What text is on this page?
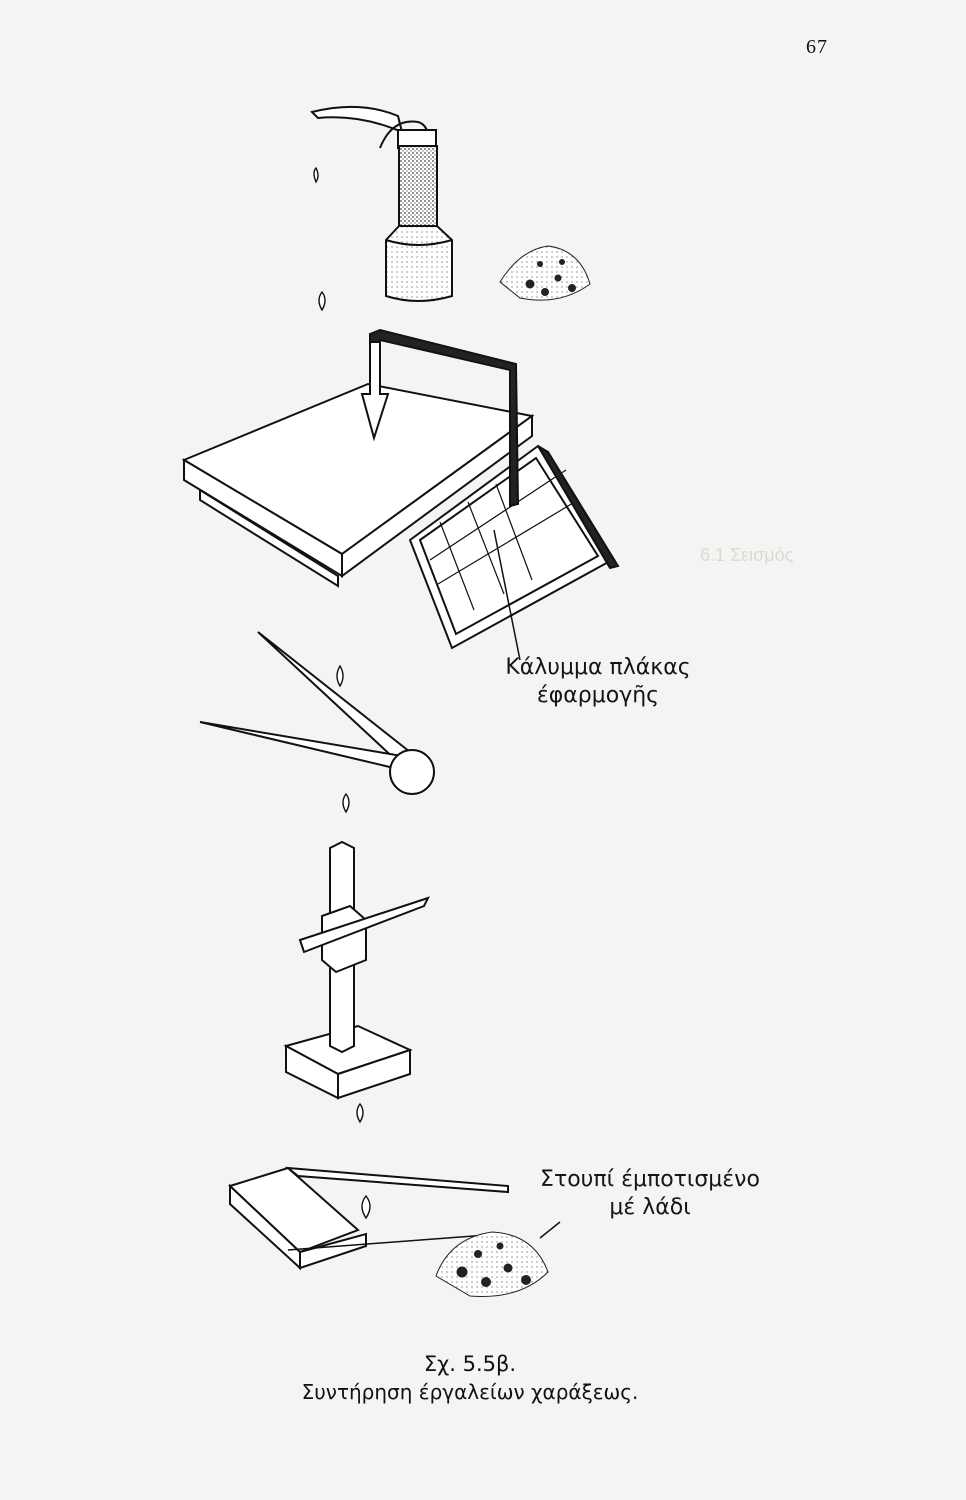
67
6.1 Σεισμός
Κάλυμμα πλάκας
έφαρμογῆς
Στουπί έμποτισμένο
μέ λάδι
Σχ. 5.5β.
Συντήρηση έργαλείων χαράξεως.
